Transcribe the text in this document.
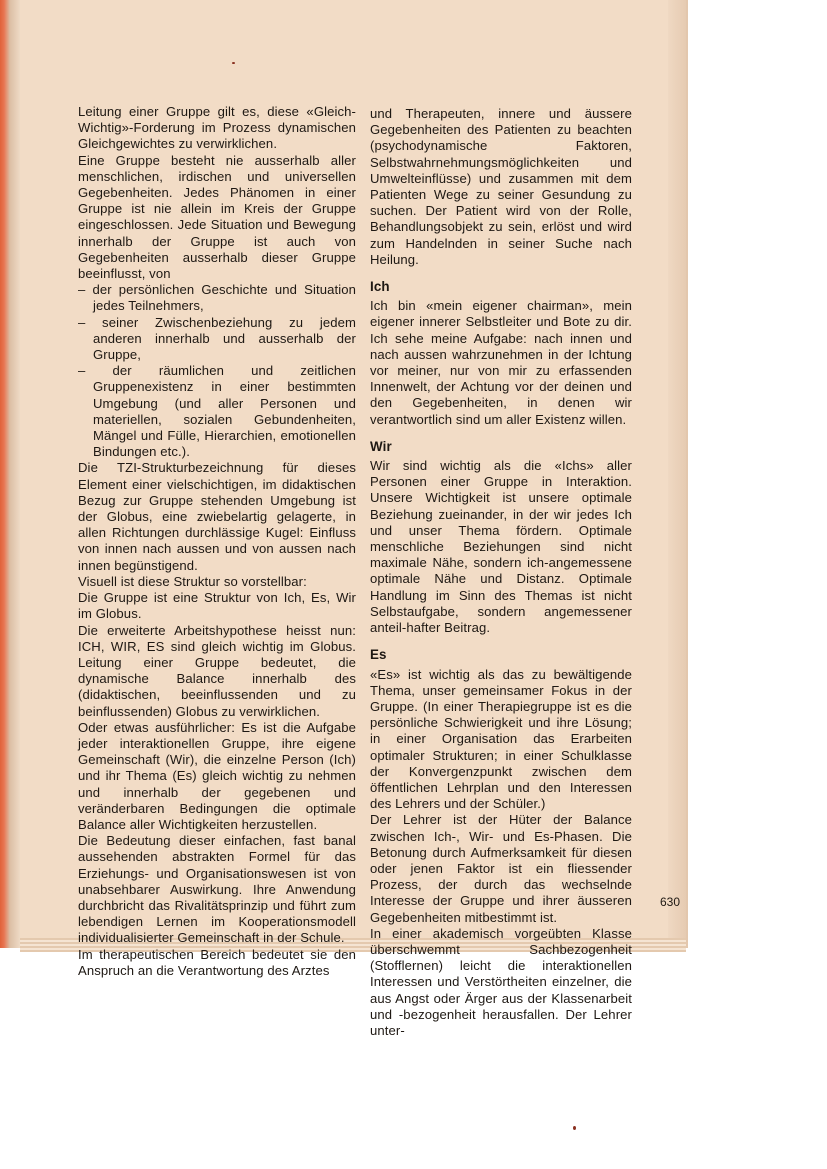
Leitung einer Gruppe gilt es, diese «Gleich-Wichtig»-Forderung im Prozess dynamischen Gleichgewichtes zu verwirklichen.

Eine Gruppe besteht nie ausserhalb aller menschlichen, irdischen und universellen Gegebenheiten. Jedes Phänomen in einer Gruppe ist nie allein im Kreis der Gruppe eingeschlossen. Jede Situation und Bewegung innerhalb der Gruppe ist auch von Gegebenheiten ausserhalb dieser Gruppe beeinflusst, von

– der persönlichen Geschichte und Situation jedes Teilnehmers,

– seiner Zwischenbeziehung zu jedem anderen innerhalb und ausserhalb der Gruppe,

– der räumlichen und zeitlichen Gruppenexistenz in einer bestimmten Umgebung (und aller Personen und materiellen, sozialen Gebundenheiten, Mängel und Fülle, Hierarchien, emotionellen Bindungen etc.).

Die TZI-Strukturbezeichnung für dieses Element einer vielschichtigen, im didaktischen Bezug zur Gruppe stehenden Umgebung ist der Globus, eine zwiebelartig gelagerte, in allen Richtungen durchlässige Kugel: Einfluss von innen nach aussen und von aussen nach innen begünstigend.

Visuell ist diese Struktur so vorstellbar:

Die Gruppe ist eine Struktur von Ich, Es, Wir im Globus.

Die erweiterte Arbeitshypothese heisst nun: ICH, WIR, ES sind gleich wichtig im Globus. Leitung einer Gruppe bedeutet, die dynamische Balance innerhalb des (didaktischen, beeinflussenden und zu beinflussenden) Globus zu verwirklichen.

Oder etwas ausführlicher: Es ist die Aufgabe jeder interaktionellen Gruppe, ihre eigene Gemeinschaft (Wir), die einzelne Person (Ich) und ihr Thema (Es) gleich wichtig zu nehmen und innerhalb der gegebenen und veränderbaren Bedingungen die optimale Balance aller Wichtigkeiten herzustellen.

Die Bedeutung dieser einfachen, fast banal aussehenden abstrakten Formel für das Erziehungs- und Organisationswesen ist von unabsehbarer Auswirkung. Ihre Anwendung durchbricht das Rivalitätsprinzip und führt zum lebendigen Lernen im Kooperationsmodell individualisierter Gemeinschaft in der Schule.

Im therapeutischen Bereich bedeutet sie den Anspruch an die Verantwortung des Arztes

und Therapeuten, innere und äussere Gegebenheiten des Patienten zu beachten (psychodynamische Faktoren, Selbstwahrnehmungsmöglichkeiten und Umwelteinflüsse) und zusammen mit dem Patienten Wege zu seiner Gesundung zu suchen. Der Patient wird von der Rolle, Behandlungsobjekt zu sein, erlöst und wird zum Handelnden in seiner Suche nach Heilung.

Ich

Ich bin «mein eigener chairman», mein eigener innerer Selbstleiter und Bote zu dir. Ich sehe meine Aufgabe: nach innen und nach aussen wahrzunehmen in der Ichtung vor meiner, nur von mir zu erfassenden Innenwelt, der Achtung vor der deinen und den Gegebenheiten, in denen wir verantwortlich sind um aller Existenz willen.

Wir

Wir sind wichtig als die «Ichs» aller Personen einer Gruppe in Interaktion. Unsere Wichtigkeit ist unsere optimale Beziehung zueinander, in der wir jedes Ich und unser Thema fördern. Optimale menschliche Beziehungen sind nicht maximale Nähe, sondern ich-angemessene optimale Nähe und Distanz. Optimale Handlung im Sinn des Themas ist nicht Selbstaufgabe, sondern angemessener anteil-hafter Beitrag.

Es

«Es» ist wichtig als das zu bewältigende Thema, unser gemeinsamer Fokus in der Gruppe. (In einer Therapiegruppe ist es die persönliche Schwierigkeit und ihre Lösung; in einer Organisation das Erarbeiten optimaler Strukturen; in einer Schulklasse der Konvergenzpunkt zwischen dem öffentlichen Lehrplan und den Interessen des Lehrers und der Schüler.)

Der Lehrer ist der Hüter der Balance zwischen Ich-, Wir- und Es-Phasen. Die Betonung durch Aufmerksamkeit für diesen oder jenen Faktor ist ein fliessender Prozess, der durch das wechselnde Interesse der Gruppe und ihrer äusseren Gegebenheiten mitbestimmt ist.

In einer akademisch vorgeübten Klasse überschwemmt Sachbezogenheit (Stofflernen) leicht die interaktionellen Interessen und Verstörtheiten einzelner, die aus Angst oder Ärger aus der Klassenarbeit und -bezogenheit herausfallen. Der Lehrer unter-

630
